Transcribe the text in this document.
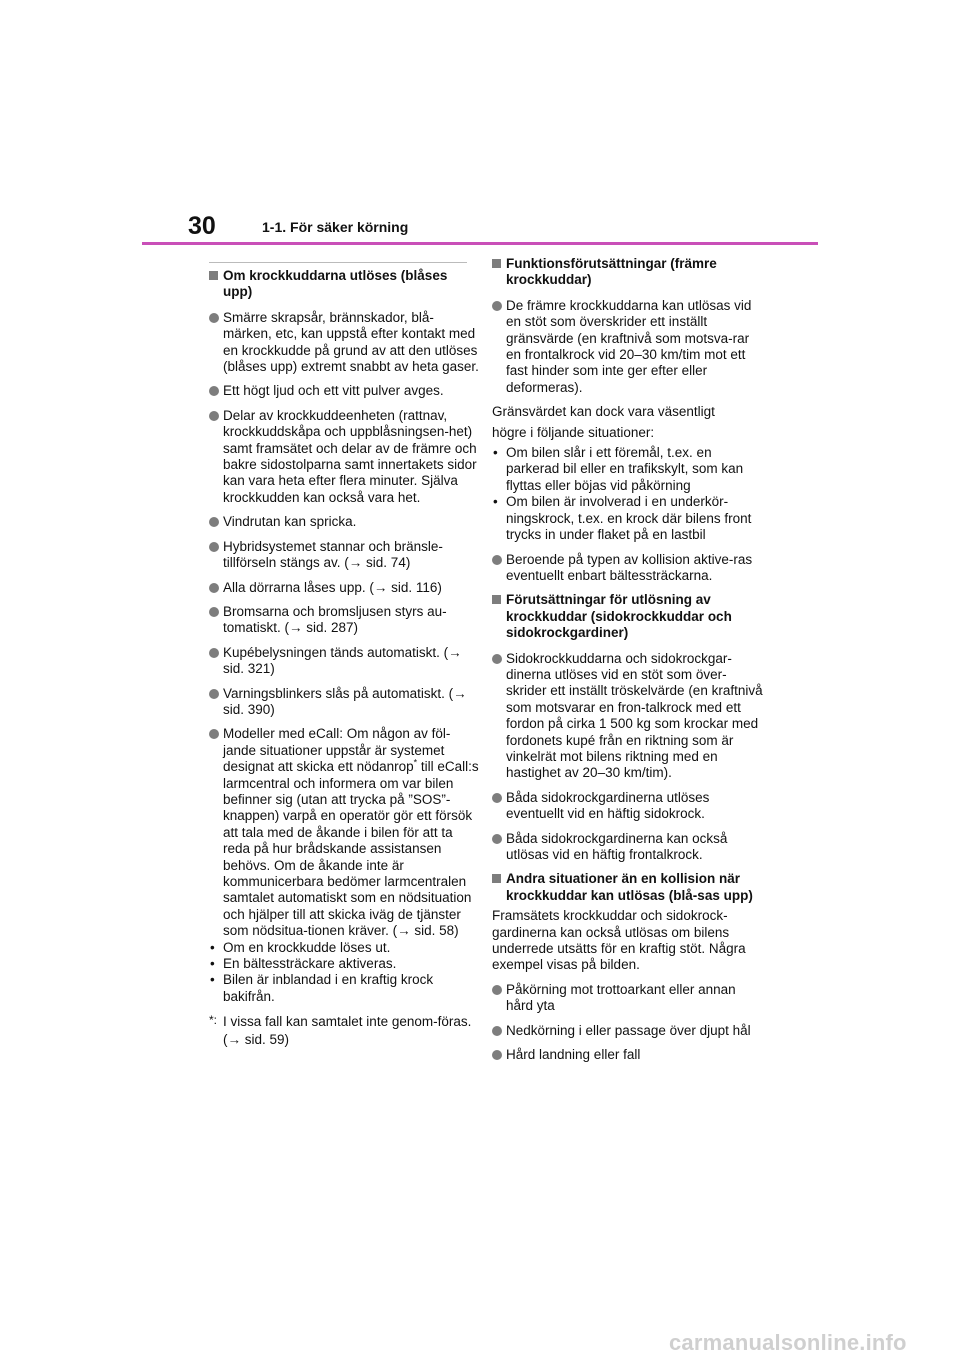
30	1-1. För säker körning
Om krockkuddarna utlöses (blåses upp)
Smärre skrapsår, brännskador, blå-märken, etc, kan uppstå efter kontakt med en krockkudde på grund av att den utlöses (blåses upp) extremt snabbt av heta gaser.
Ett högt ljud och ett vitt pulver avges.
Delar av krockkuddeenheten (rattnav, krockkuddskåpa och uppblåsningsen-het) samt framsätet och delar av de främre och bakre sidostolparna samt innertakets sidor kan vara heta efter flera minuter. Själva krockkudden kan också vara het.
Vindrutan kan spricka.
Hybridsystemet stannar och bränsle-tillförseln stängs av. (→ sid. 74)
Alla dörrarna låses upp. (→ sid. 116)
Bromsarna och bromsljusen styrs au-tomatiskt. (→ sid. 287)
Kupébelysningen tänds automatiskt. (→ sid. 321)
Varningsblinkers slås på automatiskt. (→ sid. 390)
Modeller med eCall: Om någon av föl-jande situationer uppstår är systemet designat att skicka ett nödanrop* till eCall:s larmcentral och informera om var bilen befinner sig (utan att trycka på ”SOS”-knappen) varpå en operatör gör ett försök att tala med de åkande i bilen för att ta reda på hur brådskande assistansen behövs. Om de åkande inte är kommunicerbara bedömer larmcentralen samtalet automatiskt som en nödsituation och hjälper till att skicka iväg de tjänster som nödsitua-tionen kräver. (→ sid. 58)
• Om en krockkudde löses ut.
• En bältessträckare aktiveras.
• Bilen är inblandad i en kraftig krock bakifrån.
*: I vissa fall kan samtalet inte genom-föras. (→ sid. 59)
Funktionsförutsättningar (främre krockkuddar)
De främre krockkuddarna kan utlösas vid en stöt som överskrider ett inställt gränsvärde (en kraftnivå som motsva-rar en frontalkrock vid 20–30 km/tim mot ett fast hinder som inte ger efter eller deformeras).
Gränsvärdet kan dock vara väsentligt
högre i följande situationer:
• Om bilen slår i ett föremål, t.ex. en parkerad bil eller en trafikskylt, som kan flyttas eller böjas vid påkörning
• Om bilen är involverad i en underkör-ningskrock, t.ex. en krock där bilens front trycks in under flaket på en lastbil
Beroende på typen av kollision aktive-ras eventuellt enbart bältessträckarna.
Förutsättningar för utlösning av krockkuddar (sidokrockkuddar och sidokrockgardiner)
Sidokrockkuddarna och sidokrockgar-dinerna utlöses vid en stöt som över-skrider ett inställt tröskelvärde (en kraftnivå som motsvarar en fron-talkrock med ett fordon på cirka 1 500 kg som krockar med fordonets kupé från en riktning som är vinkelrät mot bilens riktning med en hastighet av 20–30 km/tim).
Båda sidokrockgardinerna utlöses eventuellt vid en häftig sidokrock.
Båda sidokrockgardinerna kan också utlösas vid en häftig frontalkrock.
Andra situationer än en kollision när krockkuddar kan utlösas (blå-sas upp)
Framsätets krockkuddar och sidokrock-gardinerna kan också utlösas om bilens underrede utsätts för en kraftig stöt. Några exempel visas på bilden.
Påkörning mot trottoarkant eller annan hård yta
Nedkörning i eller passage över djupt hål
Hård landning eller fall
carmanualsonline.info
